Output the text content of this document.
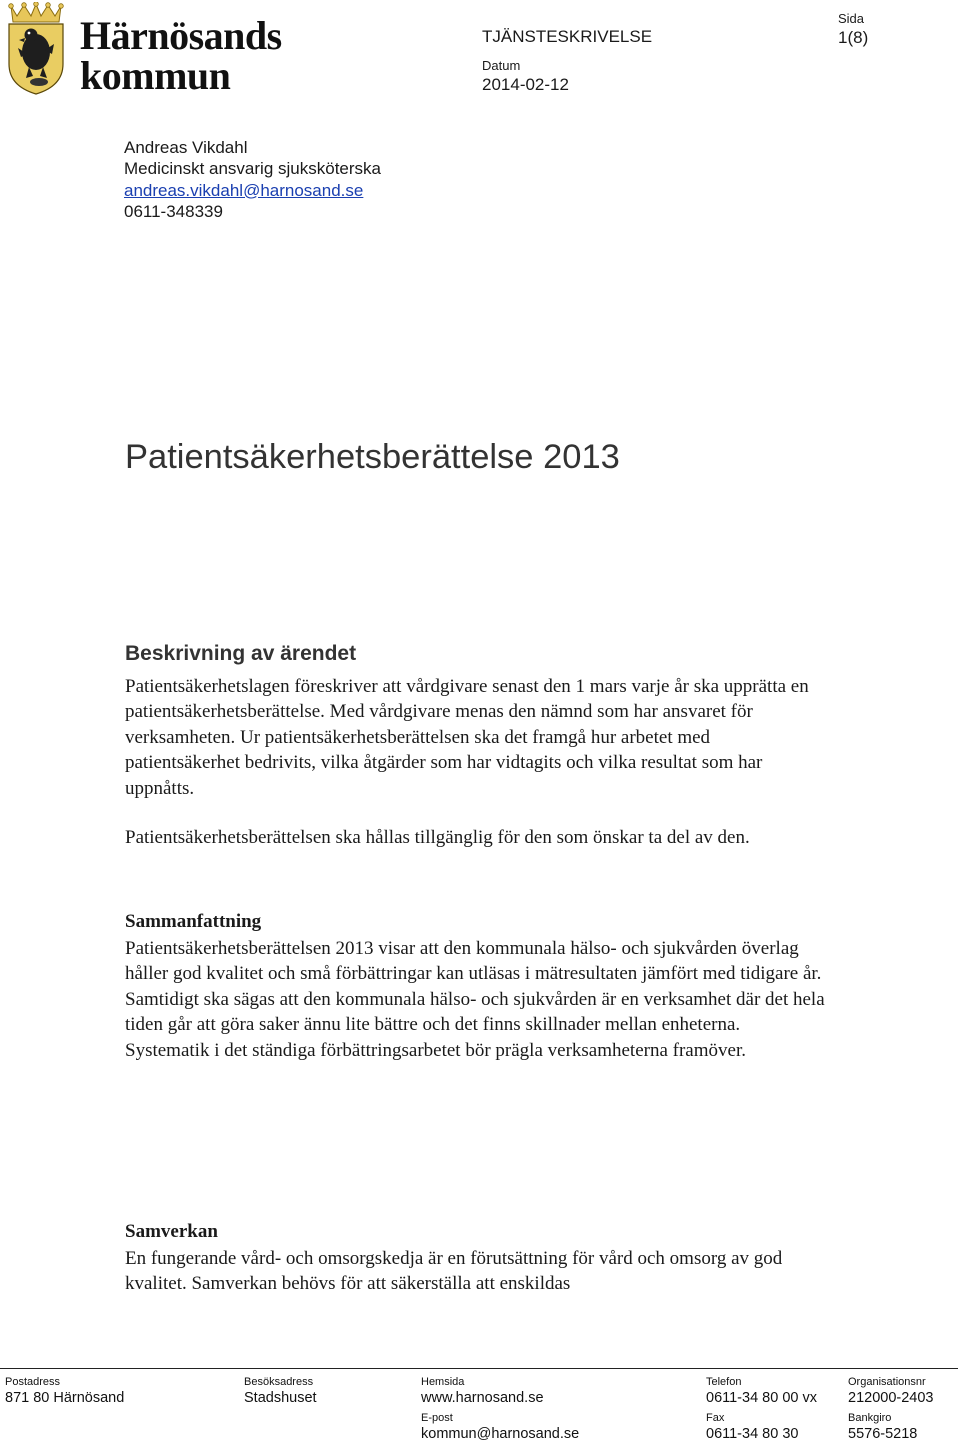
Härnösands
kommun
TJÄNSTESKRIVELSE
Datum
2014-02-12
Sida
1(8)
Andreas Vikdahl
Medicinskt ansvarig sjuksköterska
andreas.vikdahl@harnosand.se
0611-348339
Patientsäkerhetsberättelse 2013
Beskrivning av ärendet
Patientsäkerhetslagen föreskriver att vårdgivare senast den 1 mars varje år ska upprätta en patientsäkerhetsberättelse. Med vårdgivare menas den nämnd som har ansvaret för verksamheten. Ur patientsäkerhetsberättelsen ska det framgå hur arbetet med patientsäkerhet bedrivits, vilka åtgärder som har vidtagits och vilka resultat som har uppnåtts.
Patientsäkerhetsberättelsen ska hållas tillgänglig för den som önskar ta del av den.
Sammanfattning
Patientsäkerhetsberättelsen 2013 visar att den kommunala hälso- och sjukvården överlag håller god kvalitet och små förbättringar kan utläsas i mätresultaten jämfört med tidigare år. Samtidigt ska sägas att den kommunala hälso- och sjukvården är en verksamhet där det hela tiden går att göra saker ännu lite bättre och det finns skillnader mellan enheterna. Systematik i det ständiga förbättringsarbetet bör prägla verksamheterna framöver.
Samverkan
En fungerande vård- och omsorgskedja är en förutsättning för vård och omsorg av god kvalitet. Samverkan behövs för att säkerställa att enskildas
Postadress
871 80 Härnösand
Besöksadress
Stadshuset
Hemsida
www.harnosand.se
E-post
kommun@harnosand.se
Telefon
0611-34 80 00 vx
Fax
0611-34 80 30
Organisationsnr
212000-2403
Bankgiro
5576-5218
